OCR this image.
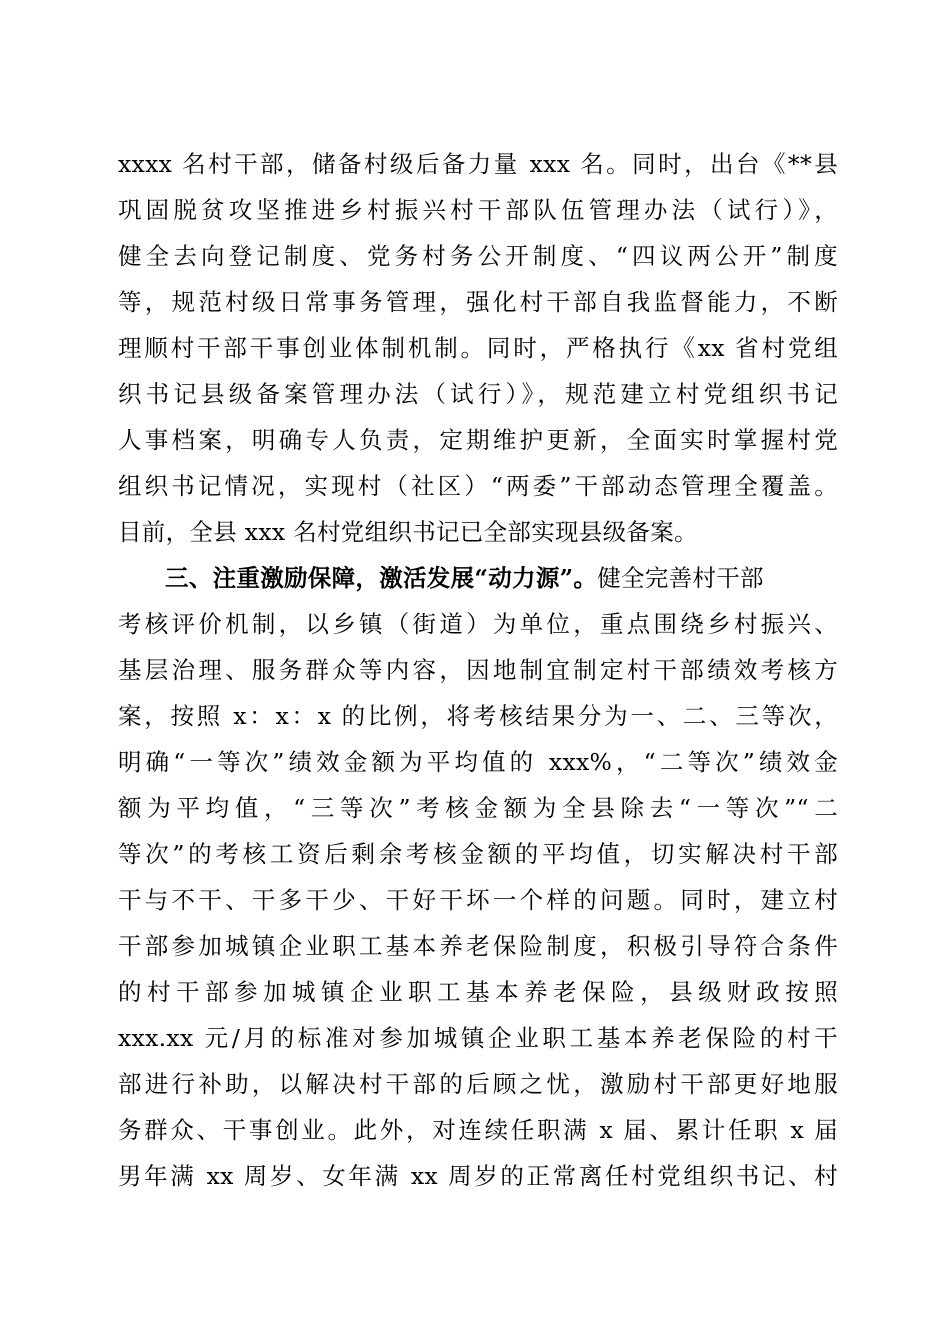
xxxx 名村干部，储备村级后备力量 xxx 名。同时，出台《**县
巩固脱贫攻坚推进乡村振兴村干部队伍管理办法（试行）》，
健全去向登记制度、党务村务公开制度、“四议两公开”制度
等，规范村级日常事务管理，强化村干部自我监督能力，不断
理顺村干部干事创业体制机制。同时，严格执行《xx 省村党组
织书记县级备案管理办法（试行）》，规范建立村党组织书记
人事档案，明确专人负责，定期维护更新，全面实时掌握村党
组织书记情况，实现村（社区）“两委”干部动态管理全覆盖。
目前，全县 xxx 名村党组织书记已全部实现县级备案。
三、注重激励保障，激活发展“动力源”。健全完善村干部
考核评价机制，以乡镇（街道）为单位，重点围绕乡村振兴、
基层治理、服务群众等内容，因地制宜制定村干部绩效考核方
案，按照 x：x：x 的比例，将考核结果分为一、二、三等次，
明确“一等次”绩效金额为平均值的 xxx%，“二等次”绩效金
额为平均值，“三等次”考核金额为全县除去“一等次”“二
等次”的考核工资后剩余考核金额的平均值，切实解决村干部
干与不干、干多干少、干好干坏一个样的问题。同时，建立村
干部参加城镇企业职工基本养老保险制度，积极引导符合条件
的村干部参加城镇企业职工基本养老保险，县级财政按照
xxx.xx 元/月的标准对参加城镇企业职工基本养老保险的村干
部进行补助，以解决村干部的后顾之忧，激励村干部更好地服
务群众、干事创业。此外，对连续任职满 x 届、累计任职 x 届
男年满 xx 周岁、女年满 xx 周岁的正常离任村党组织书记、村
